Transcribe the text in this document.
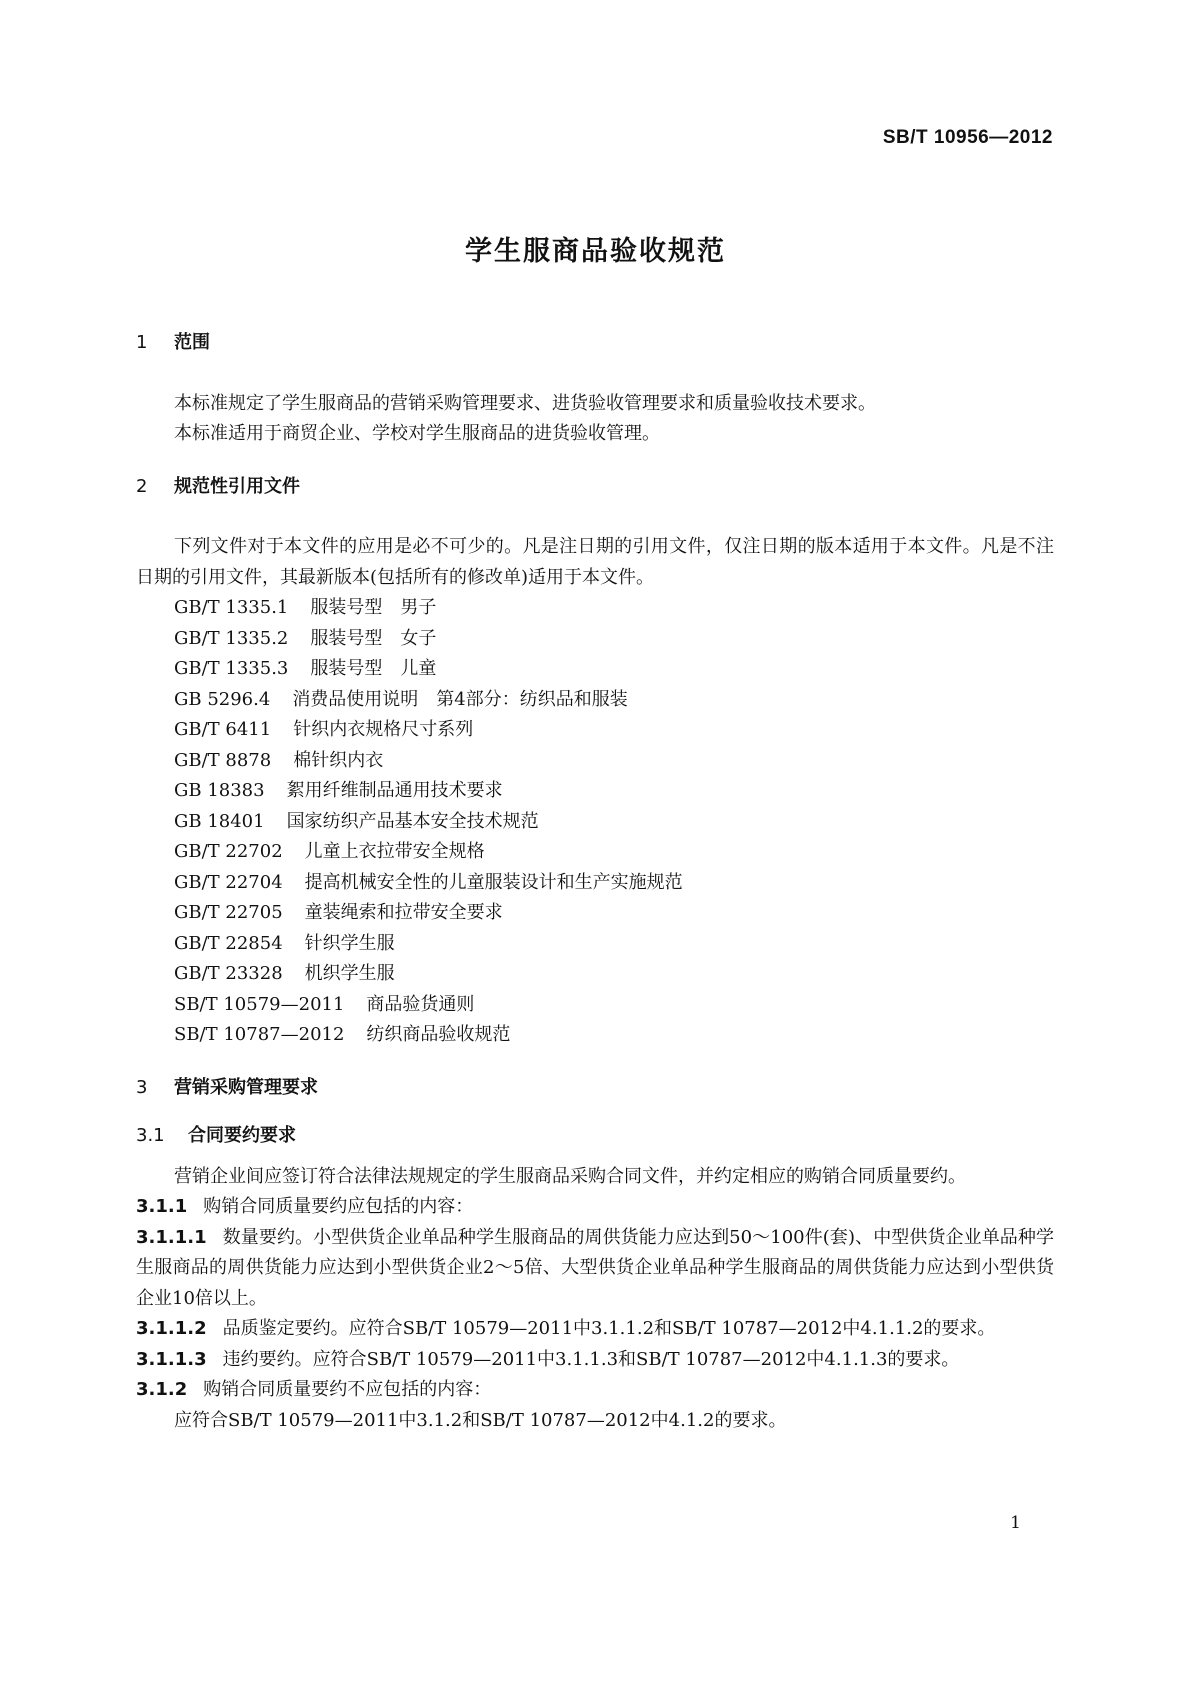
SB/T 10956—2012
学生服商品验收规范
1 范围
本标准规定了学生服商品的营销采购管理要求、进货验收管理要求和质量验收技术要求。
本标准适用于商贸企业、学校对学生服商品的进货验收管理。
2 规范性引用文件
下列文件对于本文件的应用是必不可少的。凡是注日期的引用文件，仅注日期的版本适用于本文件。凡是不注日期的引用文件，其最新版本(包括所有的修改单)适用于本文件。
GB/T 1335.1 服装号型　男子
GB/T 1335.2 服装号型　女子
GB/T 1335.3 服装号型　儿童
GB 5296.4 消费品使用说明　第4部分：纺织品和服装
GB/T 6411 针织内衣规格尺寸系列
GB/T 8878 棉针织内衣
GB 18383 絮用纤维制品通用技术要求
GB 18401 国家纺织产品基本安全技术规范
GB/T 22702 儿童上衣拉带安全规格
GB/T 22704 提高机械安全性的儿童服装设计和生产实施规范
GB/T 22705 童装绳索和拉带安全要求
GB/T 22854 针织学生服
GB/T 23328 机织学生服
SB/T 10579—2011 商品验货通则
SB/T 10787—2012 纺织商品验收规范
3 营销采购管理要求
3.1 合同要约要求
营销企业间应签订符合法律法规规定的学生服商品采购合同文件，并约定相应的购销合同质量要约。
3.1.1 购销合同质量要约应包括的内容：
3.1.1.1 数量要约。小型供货企业单品种学生服商品的周供货能力应达到50～100件(套)、中型供货企业单品种学生服商品的周供货能力应达到小型供货企业2～5倍、大型供货企业单品种学生服商品的周供货能力应达到小型供货企业10倍以上。
3.1.1.2 品质鉴定要约。应符合SB/T 10579—2011中3.1.1.2和SB/T 10787—2012中4.1.1.2的要求。
3.1.1.3 违约要约。应符合SB/T 10579—2011中3.1.1.3和SB/T 10787—2012中4.1.1.3的要求。
3.1.2 购销合同质量要约不应包括的内容：
应符合SB/T 10579—2011中3.1.2和SB/T 10787—2012中4.1.2的要求。
1
